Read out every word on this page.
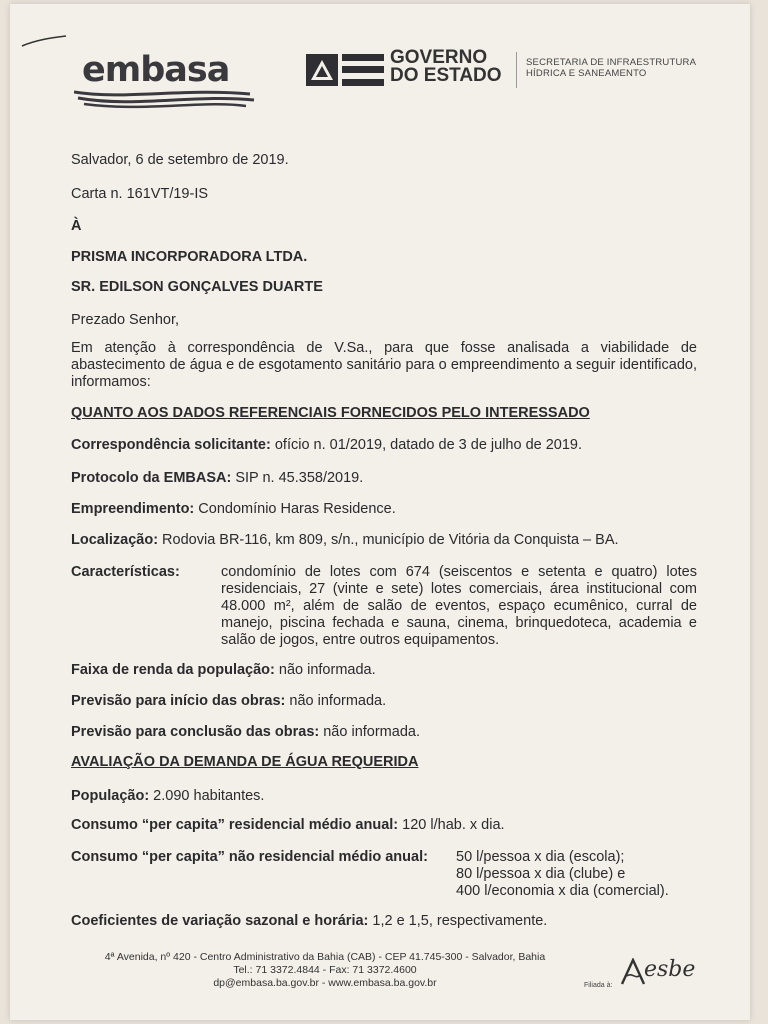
embasa	GOVERNO
DO ESTADO
SECRETARIA DE INFRAESTRUTURA
HÍDRICA E SANEAMENTO
Salvador, 6 de setembro de 2019.
Carta n. 161VT/19-IS
À
PRISMA INCORPORADORA LTDA.
SR. EDILSON GONÇALVES DUARTE
Prezado Senhor,
Em atenção à correspondência de V.Sa., para que fosse analisada a viabilidade de abastecimento de água e de esgotamento sanitário para o empreendimento a seguir identificado, informamos:
QUANTO AOS DADOS REFERENCIAIS FORNECIDOS PELO INTERESSADO
Correspondência solicitante: ofício n. 01/2019, datado de 3 de julho de 2019.
Protocolo da EMBASA: SIP n. 45.358/2019.
Empreendimento: Condomínio Haras Residence.
Localização: Rodovia BR-116, km 809, s/n., município de Vitória da Conquista – BA.
Características:	condomínio de lotes com 674 (seiscentos e setenta e quatro) lotes residenciais, 27 (vinte e sete) lotes comerciais, área institucional com 48.000 m², além de salão de eventos, espaço ecumênico, curral de manejo, piscina fechada e sauna, cinema, brinquedoteca, academia e salão de jogos, entre outros equipamentos.
Faixa de renda da população: não informada.
Previsão para início das obras: não informada.
Previsão para conclusão das obras: não informada.
AVALIAÇÃO DA DEMANDA DE ÁGUA REQUERIDA
População: 2.090 habitantes.
Consumo “per capita” residencial médio anual: 120 l/hab. x dia.
Consumo “per capita” não residencial médio anual: 50 l/pessoa x dia (escola);
80 l/pessoa x dia (clube) e
400 l/economia x dia (comercial).
Coeficientes de variação sazonal e horária: 1,2 e 1,5, respectivamente.
4ª Avenida, nº 420 - Centro Administrativo da Bahia (CAB) - CEP 41.745-300 - Salvador, Bahia
Tel.: 71 3372.4844 - Fax: 71 3372.4600
dp@embasa.ba.gov.br - www.embasa.ba.gov.br	Filiada à:
esbe
